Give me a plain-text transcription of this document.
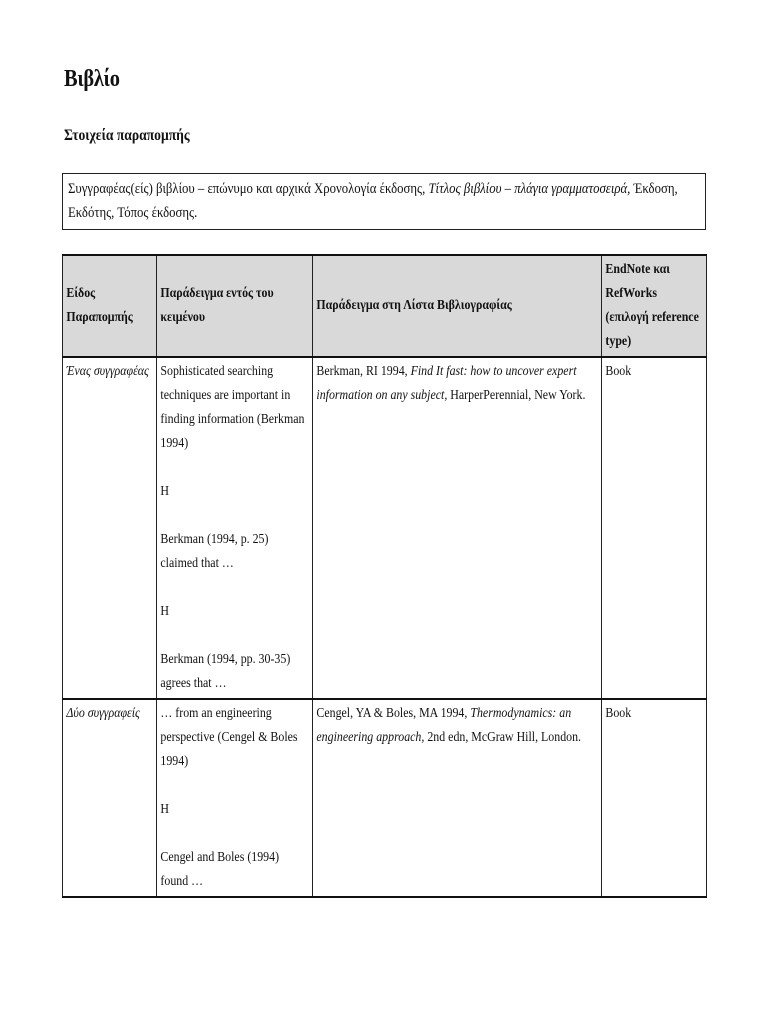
Βιβλίο
Στοιχεία παραπομπής
Συγγραφέας(είς) βιβλίου – επώνυμο και αρχικά Χρονολογία έκδοσης, Τίτλος βιβλίου – πλάγια γραμματοσειρά, Έκδοση, Εκδότης, Τόπος έκδοσης.
Είδος Παραπομπής	Παράδειγμα εντός του κειμένου	Παράδειγμα στη Λίστα Βιβλιογραφίας	EndNote και RefWorks (επιλογή reference type)

Ένας συγγραφέας	Sophisticated searching techniques are important in finding information (Berkman 1994)
Η
Berkman (1994, p. 25) claimed that …
Η
Berkman (1994, pp. 30-35) agrees that …	Berkman, RI 1994, Find It fast: how to uncover expert information on any subject, HarperPerennial, New York.	Book

Δύο συγγραφείς	… from an engineering perspective (Cengel & Boles 1994)
Η
Cengel and Boles (1994) found …	Cengel, YA & Boles, MA 1994, Thermodynamics: an engineering approach, 2nd edn, McGraw Hill, London.	Book
